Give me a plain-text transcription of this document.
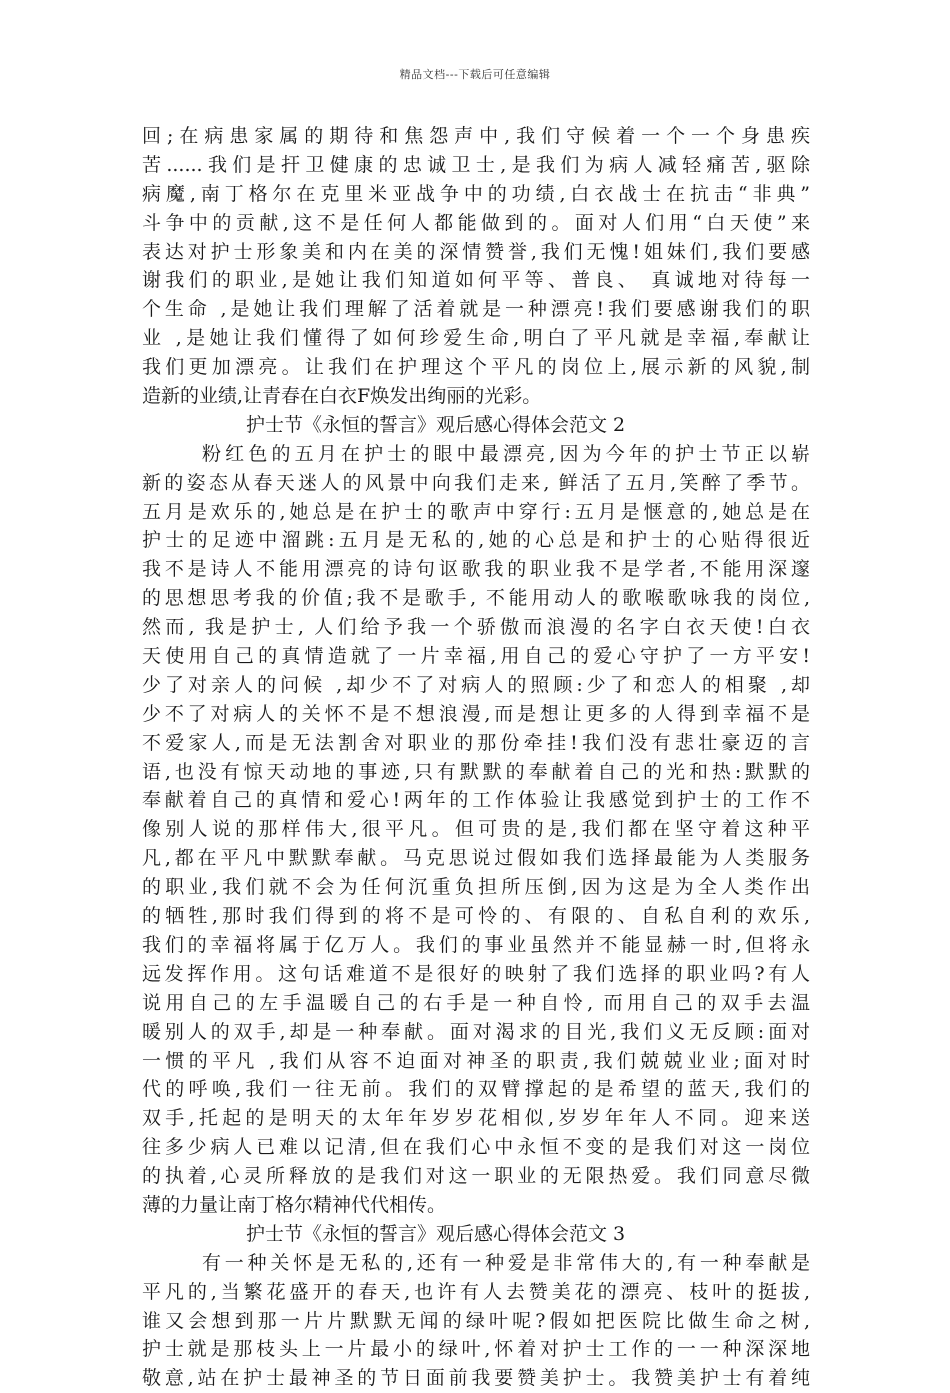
精品文档---下载后可任意编辑
回;在病患家属的期待和焦怨声中,我们守候着一个一个身患疾
苦......我们是扞卫健康的忠诚卫士,是我们为病人减轻痛苦,驱除
病魔,南丁格尔在克里米亚战争中的功绩,白衣战士在抗击“非典”
斗争中的贡献,这不是任何人都能做到的。面对人们用“白天使”来
表达对护士形象美和内在美的深情赞誉,我们无愧!姐妹们,我们要感
谢我们的职业,是她让我们知道如何平等、普良、 真诚地对待每一
个生命 ,是她让我们理解了活着就是一种漂亮!我们要感谢我们的职
业 ,是她让我们懂得了如何珍爱生命,明白了平凡就是幸福,奉献让
我们更加漂亮。让我们在护理这个平凡的岗位上,展示新的风貌,制
造新的业绩,让青春在白衣F焕发出绚丽的光彩。
护士节《永恒的誓言》观后感心得体会范文 2
粉红色的五月在护士的眼中最漂亮,因为今年的护士节正以崭
新的姿态从春天迷人的风景中向我们走来, 鲜活了五月,笑醉了季节。
五月是欢乐的,她总是在护士的歌声中穿行:五月是惬意的,她总是在
护士的足迹中溜跳:五月是无私的,她的心总是和护士的心贴得很近
我不是诗人不能用漂亮的诗句讴歌我的职业我不是学者,不能用深邃
的思想思考我的价值;我不是歌手, 不能用动人的歌喉歌咏我的岗位,
然而, 我是护士, 人们给予我一个骄傲而浪漫的名字白衣天使!白衣
天使用自己的真情造就了一片幸福,用自己的爱心守护了一方平安!
少了对亲人的问候 ,却少不了对病人的照顾:少了和恋人的相聚 ,却
少不了对病人的关怀不是不想浪漫,而是想让更多的人得到幸福不是
不爱家人,而是无法割舍对职业的那份牵挂!我们没有悲壮豪迈的言
语,也没有惊天动地的事迹,只有默默的奉献着自己的光和热:默默的
奉献着自己的真情和爱心!两年的工作体验让我感觉到护士的工作不
像别人说的那样伟大,很平凡。但可贵的是,我们都在坚守着这种平
凡,都在平凡中默默奉献。马克思说过假如我们选择最能为人类服务
的职业,我们就不会为任何沉重负担所压倒,因为这是为全人类作出
的牺牲,那时我们得到的将不是可怜的、有限的、自私自利的欢乐,
我们的幸福将属于亿万人。我们的事业虽然并不能显赫一时,但将永
远发挥作用。这句话难道不是很好的映射了我们选择的职业吗?有人
说用自己的左手温暖自己的右手是一种自怜, 而用自己的双手去温
暖别人的双手,却是一种奉献。面对渴求的目光,我们义无反顾:面对
一惯的平凡 ,我们从容不迫面对神圣的职责,我们兢兢业业;面对时
代的呼唤,我们一往无前。我们的双臂撑起的是希望的蓝天,我们的
双手,托起的是明天的太年年岁岁花相似,岁岁年年人不同。迎来送
往多少病人已难以记清,但在我们心中永恒不变的是我们对这一岗位
的执着,心灵所释放的是我们对这一职业的无限热爱。我们同意尽微
薄的力量让南丁格尔精神代代相传。
护士节《永恒的誓言》观后感心得体会范文 3
有一种关怀是无私的,还有一种爱是非常伟大的,有一种奉献是
平凡的,当繁花盛开的春天,也许有人去赞美花的漂亮、枝叶的挺拔,
谁又会想到那一片片默默无闻的绿叶呢?假如把医院比做生命之树,
护士就是那枝头上一片最小的绿叶,怀着对护士工作的一一种深深地
敬意,站在护士最神圣的节日面前我要赞美护士。我赞美护士有着纯
